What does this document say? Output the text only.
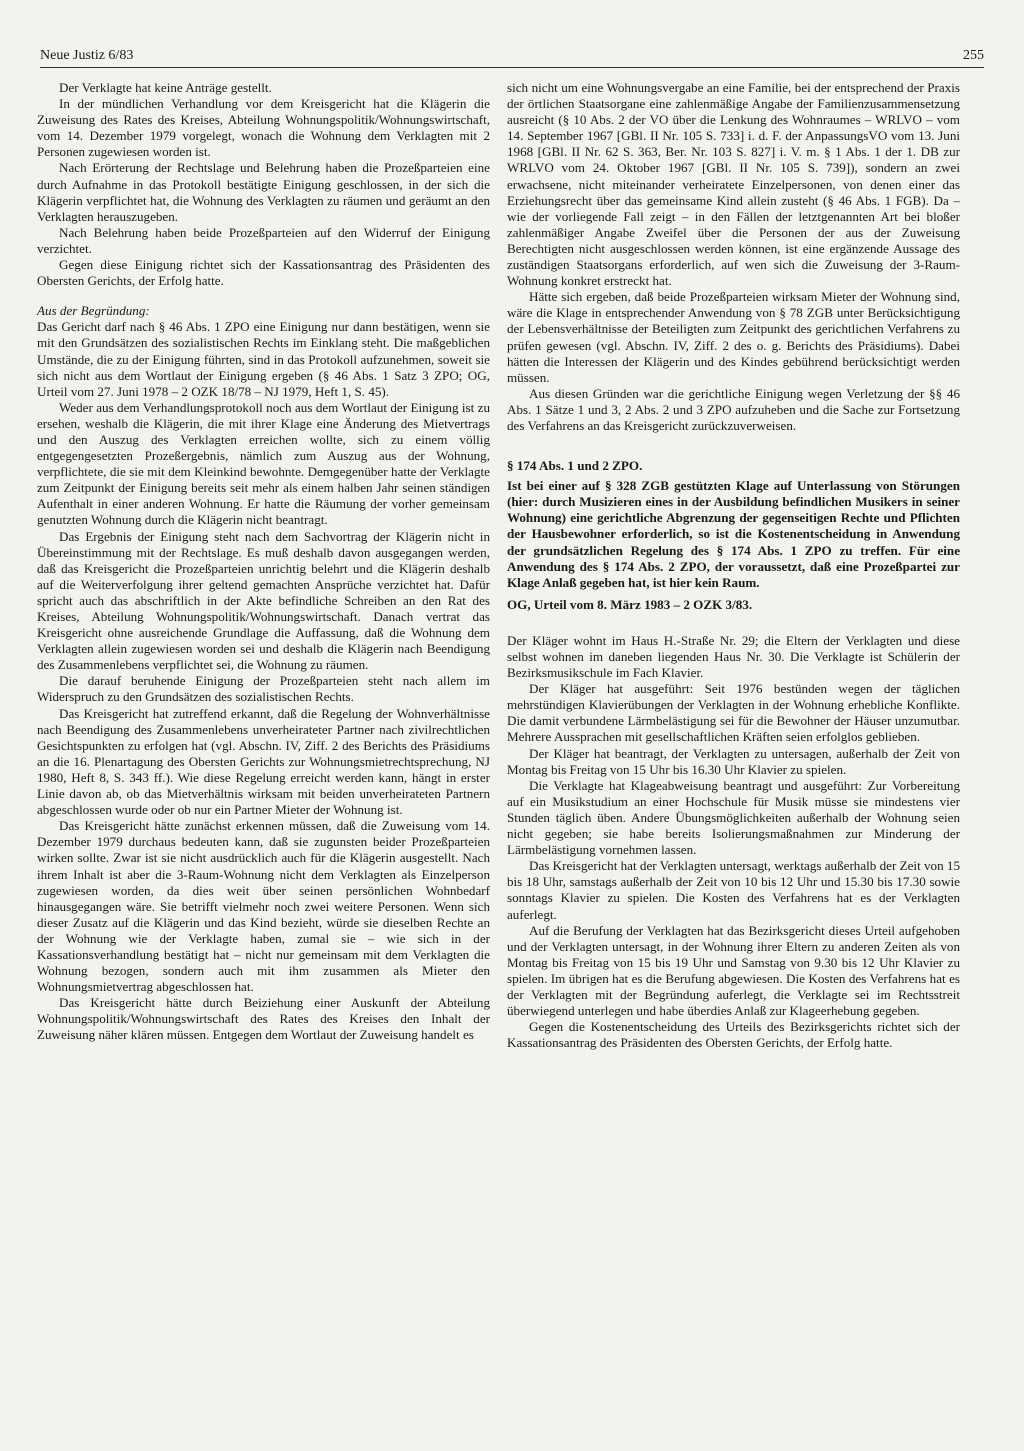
Neue Justiz 6/83	255

Der Verklagte hat keine Anträge gestellt.

In der mündlichen Verhandlung vor dem Kreisgericht hat die Klägerin die Zuweisung des Rates des Kreises, Abteilung Wohnungspolitik/Wohnungswirtschaft, vom 14. Dezember 1979 vorgelegt, wonach die Wohnung dem Verklagten mit 2 Personen zugewiesen worden ist.

Nach Erörterung der Rechtslage und Belehrung haben die Prozeßparteien eine durch Aufnahme in das Protokoll bestätigte Einigung geschlossen, in der sich die Klägerin verpflichtet hat, die Wohnung des Verklagten zu räumen und geräumt an den Verklagten herauszugeben.

Nach Belehrung haben beide Prozeßparteien auf den Widerruf der Einigung verzichtet.

Gegen diese Einigung richtet sich der Kassationsantrag des Präsidenten des Obersten Gerichts, der Erfolg hatte.

Aus der Begründung:

Das Gericht darf nach § 46 Abs. 1 ZPO eine Einigung nur dann bestätigen, wenn sie mit den Grundsätzen des sozialistischen Rechts im Einklang steht. Die maßgeblichen Umstände, die zu der Einigung führten, sind in das Protokoll aufzunehmen, soweit sie sich nicht aus dem Wortlaut der Einigung ergeben (§ 46 Abs. 1 Satz 3 ZPO; OG, Urteil vom 27. Juni 1978 – 2 OZK 18/78 – NJ 1979, Heft 1, S. 45).

Weder aus dem Verhandlungsprotokoll noch aus dem Wortlaut der Einigung ist zu ersehen, weshalb die Klägerin, die mit ihrer Klage eine Änderung des Mietvertrags und den Auszug des Verklagten erreichen wollte, sich zu einem völlig entgegengesetzten Prozeßergebnis, nämlich zum Auszug aus der Wohnung, verpflichtete, die sie mit dem Kleinkind bewohnte. Demgegenüber hatte der Verklagte zum Zeitpunkt der Einigung bereits seit mehr als einem halben Jahr seinen ständigen Aufenthalt in einer anderen Wohnung. Er hatte die Räumung der vorher gemeinsam genutzten Wohnung durch die Klägerin nicht beantragt.

Das Ergebnis der Einigung steht nach dem Sachvortrag der Klägerin nicht in Übereinstimmung mit der Rechtslage. Es muß deshalb davon ausgegangen werden, daß das Kreisgericht die Prozeßparteien unrichtig belehrt und die Klägerin deshalb auf die Weiterverfolgung ihrer geltend gemachten Ansprüche verzichtet hat. Dafür spricht auch das abschriftlich in der Akte befindliche Schreiben an den Rat des Kreises, Abteilung Wohnungspolitik/Wohnungswirtschaft. Danach vertrat das Kreisgericht ohne ausreichende Grundlage die Auffassung, daß die Wohnung dem Verklagten allein zugewiesen worden sei und deshalb die Klägerin nach Beendigung des Zusammenlebens verpflichtet sei, die Wohnung zu räumen.

Die darauf beruhende Einigung der Prozeßparteien steht nach allem im Widerspruch zu den Grundsätzen des sozialistischen Rechts.

Das Kreisgericht hat zutreffend erkannt, daß die Regelung der Wohnverhältnisse nach Beendigung des Zusammenlebens unverheirateter Partner nach zivilrechtlichen Gesichtspunkten zu erfolgen hat (vgl. Abschn. IV, Ziff. 2 des Berichts des Präsidiums an die 16. Plenartagung des Obersten Gerichts zur Wohnungsmietrechtsprechung, NJ 1980, Heft 8, S. 343 ff.). Wie diese Regelung erreicht werden kann, hängt in erster Linie davon ab, ob das Mietverhältnis wirksam mit beiden unverheirateten Partnern abgeschlossen wurde oder ob nur ein Partner Mieter der Wohnung ist.

Das Kreisgericht hätte zunächst erkennen müssen, daß die Zuweisung vom 14. Dezember 1979 durchaus bedeuten kann, daß sie zugunsten beider Prozeßparteien wirken sollte. Zwar ist sie nicht ausdrücklich auch für die Klägerin ausgestellt. Nach ihrem Inhalt ist aber die 3-Raum-Wohnung nicht dem Verklagten als Einzelperson zugewiesen worden, da dies weit über seinen persönlichen Wohnbedarf hinausgegangen wäre. Sie betrifft vielmehr noch zwei weitere Personen. Wenn sich dieser Zusatz auf die Klägerin und das Kind bezieht, würde sie dieselben Rechte an der Wohnung wie der Verklagte haben, zumal sie – wie sich in der Kassationsverhandlung bestätigt hat – nicht nur gemeinsam mit dem Verklagten die Wohnung bezogen, sondern auch mit ihm zusammen als Mieter den Wohnungsmietvertrag abgeschlossen hat.

Das Kreisgericht hätte durch Beiziehung einer Auskunft der Abteilung Wohnungspolitik/Wohnungswirtschaft des Rates des Kreises den Inhalt der Zuweisung näher klären müssen. Entgegen dem Wortlaut der Zuweisung handelt es

sich nicht um eine Wohnungsvergabe an eine Familie, bei der entsprechend der Praxis der örtlichen Staatsorgane eine zahlenmäßige Angabe der Familienzusammensetzung ausreicht (§ 10 Abs. 2 der VO über die Lenkung des Wohnraumes – WRLVO – vom 14. September 1967 [GBl. II Nr. 105 S. 733] i. d. F. der AnpassungsVO vom 13. Juni 1968 [GBl. II Nr. 62 S. 363, Ber. Nr. 103 S. 827] i. V. m. § 1 Abs. 1 der 1. DB zur WRLVO vom 24. Oktober 1967 [GBl. II Nr. 105 S. 739]), sondern an zwei erwachsene, nicht miteinander verheiratete Einzelpersonen, von denen einer das Erziehungsrecht über das gemeinsame Kind allein zusteht (§ 46 Abs. 1 FGB). Da – wie der vorliegende Fall zeigt – in den Fällen der letztgenannten Art bei bloßer zahlenmäßiger Angabe Zweifel über die Personen der aus der Zuweisung Berechtigten nicht ausgeschlossen werden können, ist eine ergänzende Aussage des zuständigen Staatsorgans erforderlich, auf wen sich die Zuweisung der 3-Raum-Wohnung konkret erstreckt hat.

Hätte sich ergeben, daß beide Prozeßparteien wirksam Mieter der Wohnung sind, wäre die Klage in entsprechender Anwendung von § 78 ZGB unter Berücksichtigung der Lebensverhältnisse der Beteiligten zum Zeitpunkt des gerichtlichen Verfahrens zu prüfen gewesen (vgl. Abschn. IV, Ziff. 2 des o. g. Berichts des Präsidiums). Dabei hätten die Interessen der Klägerin und des Kindes gebührend berücksichtigt werden müssen.

Aus diesen Gründen war die gerichtliche Einigung wegen Verletzung der §§ 46 Abs. 1 Sätze 1 und 3, 2 Abs. 2 und 3 ZPO aufzuheben und die Sache zur Fortsetzung des Verfahrens an das Kreisgericht zurückzuverweisen.

§ 174 Abs. 1 und 2 ZPO.

Ist bei einer auf § 328 ZGB gestützten Klage auf Unterlassung von Störungen (hier: durch Musizieren eines in der Ausbildung befindlichen Musikers in seiner Wohnung) eine gerichtliche Abgrenzung der gegenseitigen Rechte und Pflichten der Hausbewohner erforderlich, so ist die Kostenentscheidung in Anwendung der grundsätzlichen Regelung des § 174 Abs. 1 ZPO zu treffen. Für eine Anwendung des § 174 Abs. 2 ZPO, der voraussetzt, daß eine Prozeßpartei zur Klage Anlaß gegeben hat, ist hier kein Raum.

OG, Urteil vom 8. März 1983 – 2 OZK 3/83.

Der Kläger wohnt im Haus H.-Straße Nr. 29; die Eltern der Verklagten und diese selbst wohnen im daneben liegenden Haus Nr. 30. Die Verklagte ist Schülerin der Bezirksmusikschule im Fach Klavier.

Der Kläger hat ausgeführt: Seit 1976 bestünden wegen der täglichen mehrstündigen Klavierübungen der Verklagten in der Wohnung erhebliche Konflikte. Die damit verbundene Lärmbelästigung sei für die Bewohner der Häuser unzumutbar. Mehrere Aussprachen mit gesellschaftlichen Kräften seien erfolglos geblieben.

Der Kläger hat beantragt, der Verklagten zu untersagen, außerhalb der Zeit von Montag bis Freitag von 15 Uhr bis 16.30 Uhr Klavier zu spielen.

Die Verklagte hat Klageabweisung beantragt und ausgeführt: Zur Vorbereitung auf ein Musikstudium an einer Hochschule für Musik müsse sie mindestens vier Stunden täglich üben. Andere Übungsmöglichkeiten außerhalb der Wohnung seien nicht gegeben; sie habe bereits Isolierungsmaßnahmen zur Minderung der Lärmbelästigung vornehmen lassen.

Das Kreisgericht hat der Verklagten untersagt, werktags außerhalb der Zeit von 15 bis 18 Uhr, samstags außerhalb der Zeit von 10 bis 12 Uhr und 15.30 bis 17.30 sowie sonntags Klavier zu spielen. Die Kosten des Verfahrens hat es der Verklagten auferlegt.

Auf die Berufung der Verklagten hat das Bezirksgericht dieses Urteil aufgehoben und der Verklagten untersagt, in der Wohnung ihrer Eltern zu anderen Zeiten als von Montag bis Freitag von 15 bis 19 Uhr und Samstag von 9.30 bis 12 Uhr Klavier zu spielen. Im übrigen hat es die Berufung abgewiesen. Die Kosten des Verfahrens hat es der Verklagten mit der Begründung auferlegt, die Verklagte sei im Rechtsstreit überwiegend unterlegen und habe überdies Anlaß zur Klageerhebung gegeben.

Gegen die Kostenentscheidung des Urteils des Bezirksgerichts richtet sich der Kassationsantrag des Präsidenten des Obersten Gerichts, der Erfolg hatte.
